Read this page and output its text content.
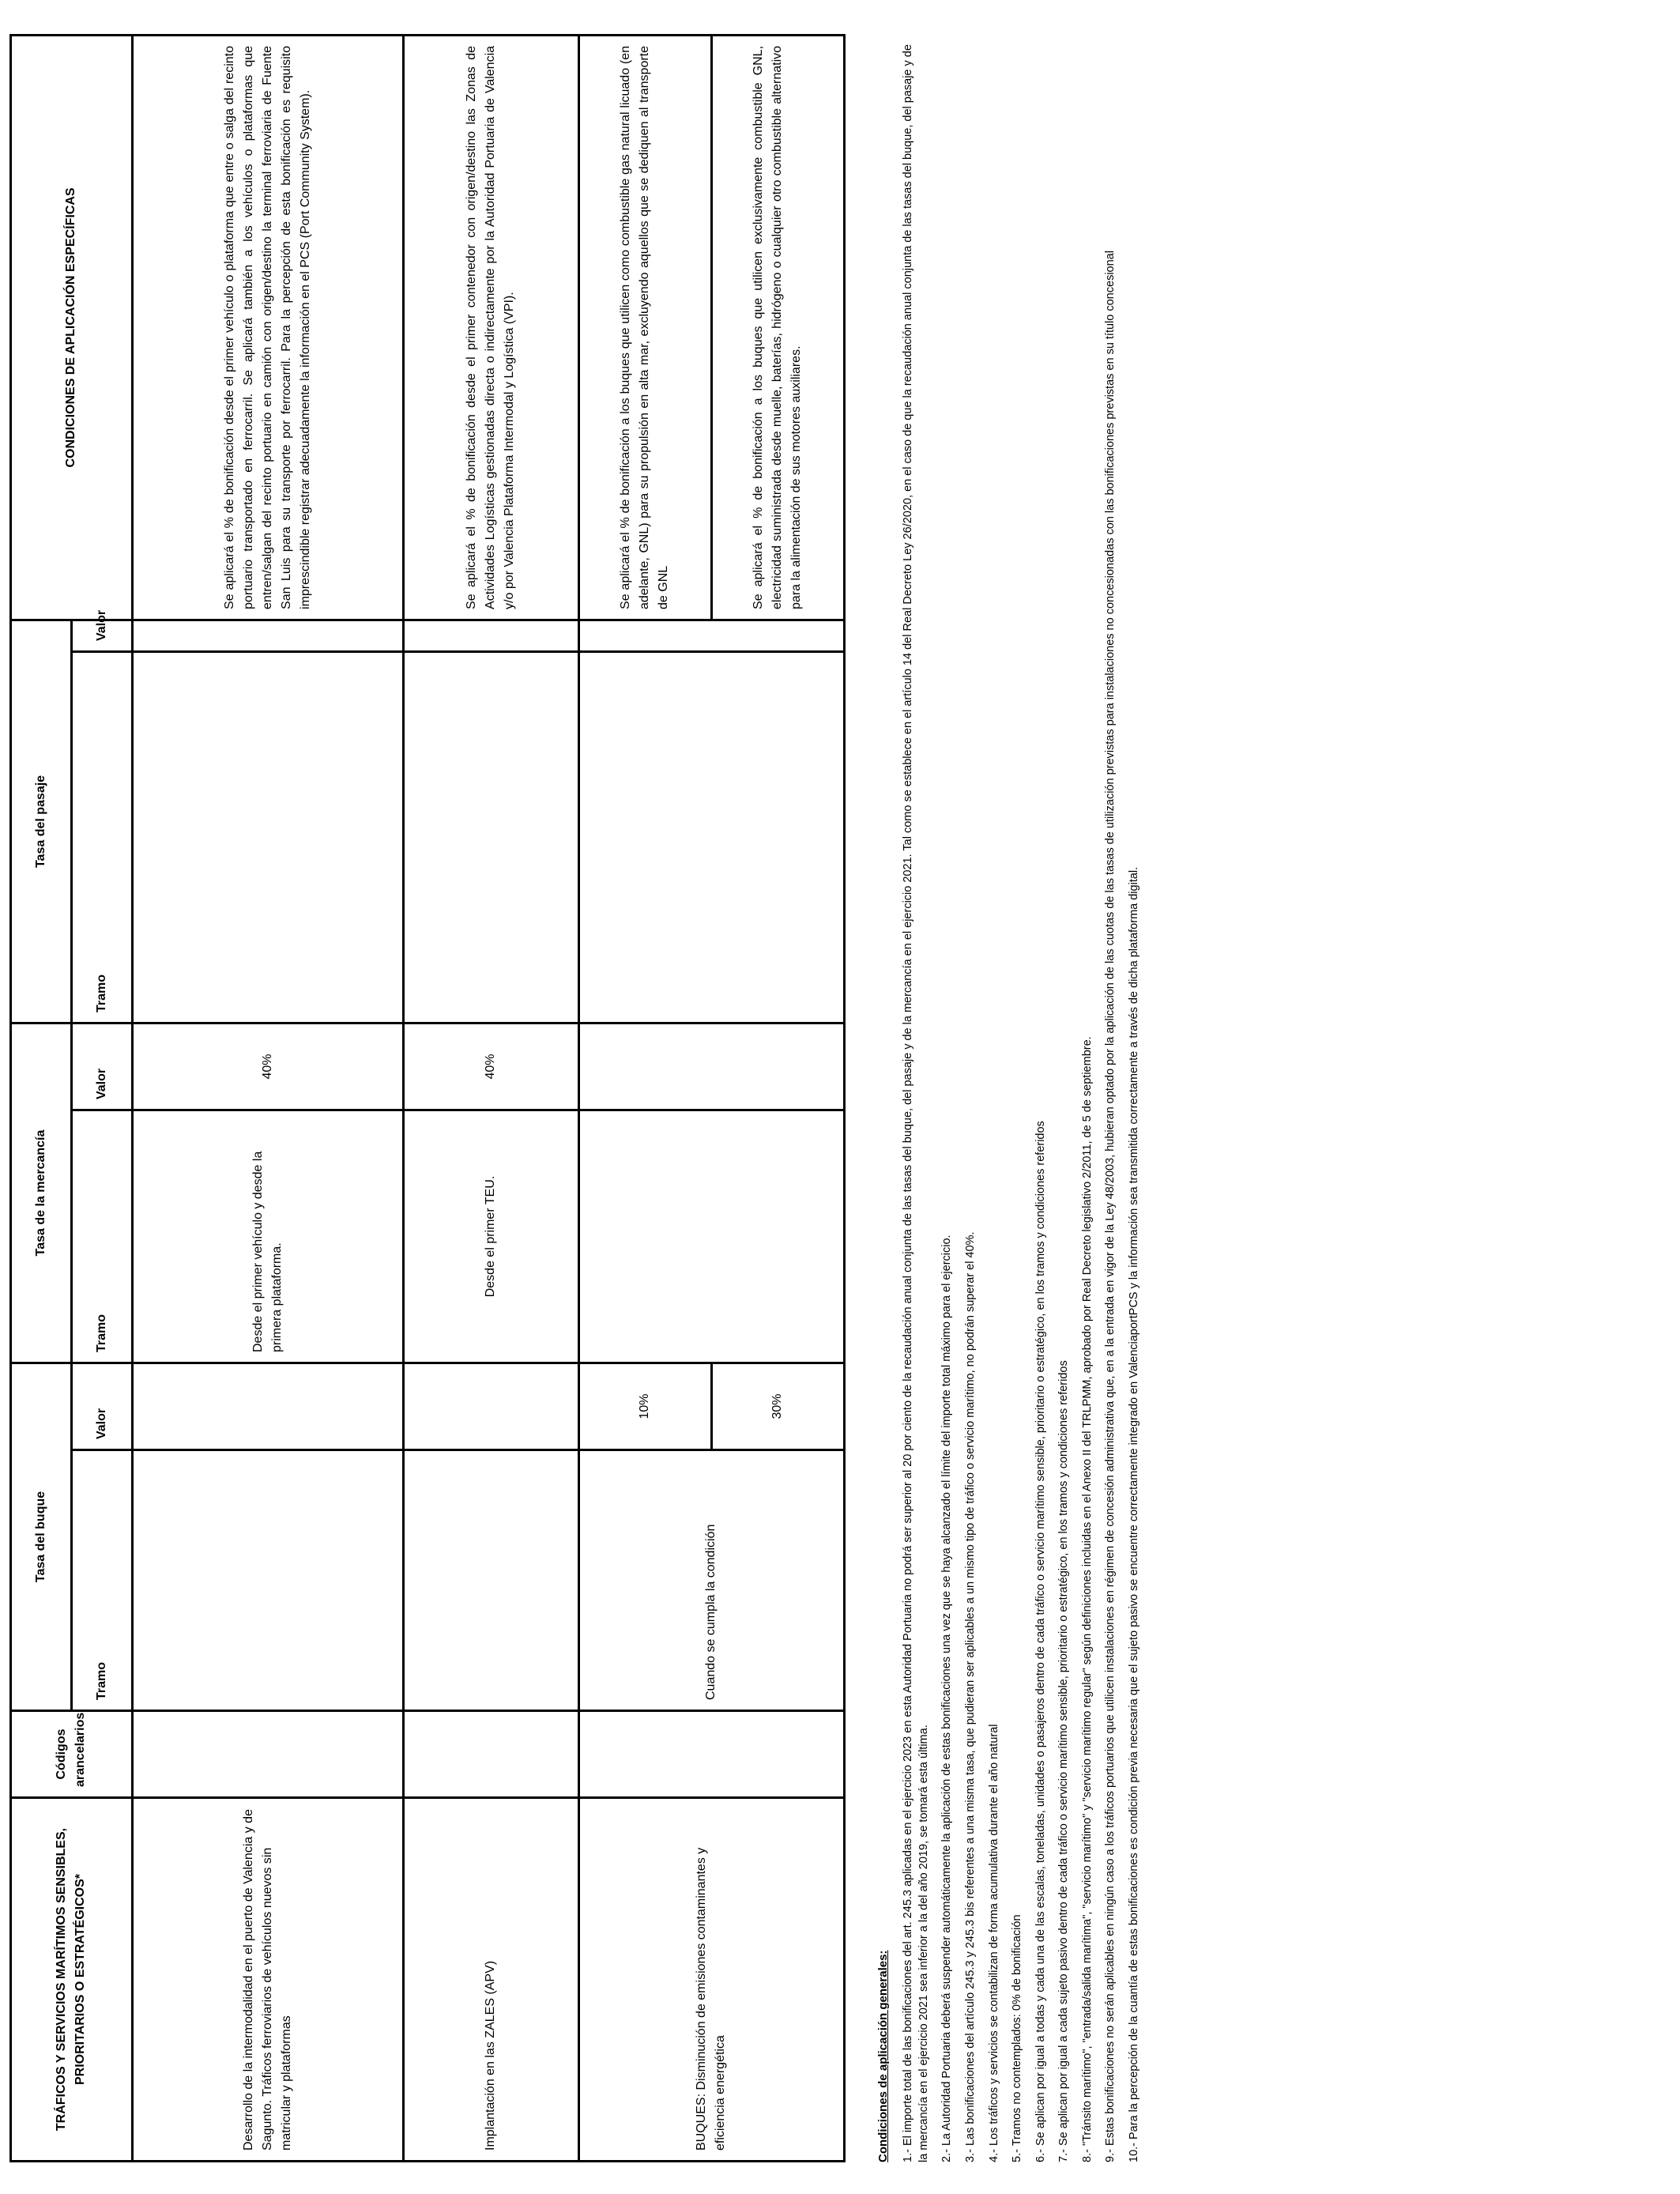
TRÁFICOS Y SERVICIOS MARÍTIMOS SENSIBLES, PRIORITARIOS O ESTRATÉGICOS*	Códigos arancelarios	Tasa del buque		Tasa de la mercancía		Tasa del pasaje		CONDICIONES DE APLICACIÓN ESPECÍFICAS
		Tramo	Valor	Tramo	Valor	Tramo	Valor	
Desarrollo de la intermodalidad en el puerto de Valencia y de Sagunto. Tráficos ferroviarios de vehículos nuevos sin matricular y plataformas				Desde el primer vehículo y desde la primera plataforma.	40%			Se aplicará el % de bonificación desde el primer vehículo o plataforma que entre o salga del recinto portuario transportado en ferrocarril. Se aplicará también a los vehículos o plataformas que entren/salgan del recinto portuario en camión con origen/destino la terminal ferroviaria de Fuente San Luis para su transporte por ferrocarril. Para la percepción de esta bonificación es requisito imprescindible registrar adecuadamente la información en el PCS (Port Community System).
Implantación en las ZALES (APV)				Desde el primer TEU.	40%			Se aplicará el % de bonificación desde el primer contenedor con origen/destino las Zonas de Actividades Logísticas gestionadas directa o indirectamente por la Autoridad Portuaria de Valencia y/o por Valencia Plataforma Intermodal y Logística (VPI).
BUQUES: Disminución de emisiones contaminantes y eficiencia energética		Cuando se cumpla la condición	10%					Se aplicará el % de bonificación a los buques que utilicen como combustible gas natural licuado (en adelante, GNL) para su propulsión en alta mar, excluyendo aquellos que se dediquen al transporte de GNL
			30%					Se aplicará el % de bonificación a los buques que utilicen exclusivamente combustible GNL, electricidad suministrada desde muelle, baterías, hidrógeno o cualquier otro combustible alternativo para la alimentación de sus motores auxiliares.
Condiciones de aplicación generales: 1.- El importe total de las bonificaciones del art. 245.3 aplicadas en el ejercicio 2023 en esta Autoridad Portuaria no podrá ser superior al 20 por ciento de la recaudación anual conjunta de las tasas del buque, del pasaje y de la mercancía en el ejercicio 2021. Tal como se establece en el artículo 14 del Real Decreto Ley 26/2020, en el caso de que la recaudación anual conjunta de las tasas del buque, del pasaje y de la mercancía en el ejercicio 2021 sea inferior a la del año 2019, se tomará esta última. 2.- La Autoridad Portuaria deberá suspender automáticamente la aplicación de estas bonificaciones una vez que se haya alcanzado el límite del importe total máximo para el ejercicio. 3.- Las bonificaciones del artículo 245.3 y 245.3 bis referentes a una misma tasa, que pudieran ser aplicables a un mismo tipo de tráfico o servicio marítimo, no podrán superar el 40%. 4.- Los tráficos y servicios se contabilizan de forma acumulativa durante el año natural 5.- Tramos no contemplados: 0% de bonificación 6.- Se aplican por igual a todas y cada una de las escalas, toneladas, unidades o pasajeros dentro de cada tráfico o servicio marítimo sensible, prioritario o estratégico, en los tramos y condiciones referidos 7.- Se aplican por igual a cada sujeto pasivo dentro de cada tráfico o servicio marítimo sensible, prioritario o estratégico, en los tramos y condiciones referidos 8.- "Tránsito marítimo", "entrada/salida marítima", "servicio marítimo" y "servicio marítimo regular" según definiciones incluidas en el Anexo II del TRLPMM, aprobado por Real Decreto legislativo 2/2011, de 5 de septiembre. 9.- Estas bonificaciones no serán aplicables en ningún caso a los tráficos portuarios que utilicen instalaciones en régimen de concesión administrativa que, en a la entrada en vigor de la Ley 48/2003, hubieran optado por la aplicación de las cuotas de las tasas de utilización previstas para instalaciones no concesionadas con las bonificaciones previstas en su título concesional 10.- Para la percepción de la cuantía de estas bonificaciones es condición previa necesaria que el sujeto pasivo se encuentre correctamente integrado en ValenciaportPCS y la información sea transmitida correctamente a través de dicha plataforma digital.
